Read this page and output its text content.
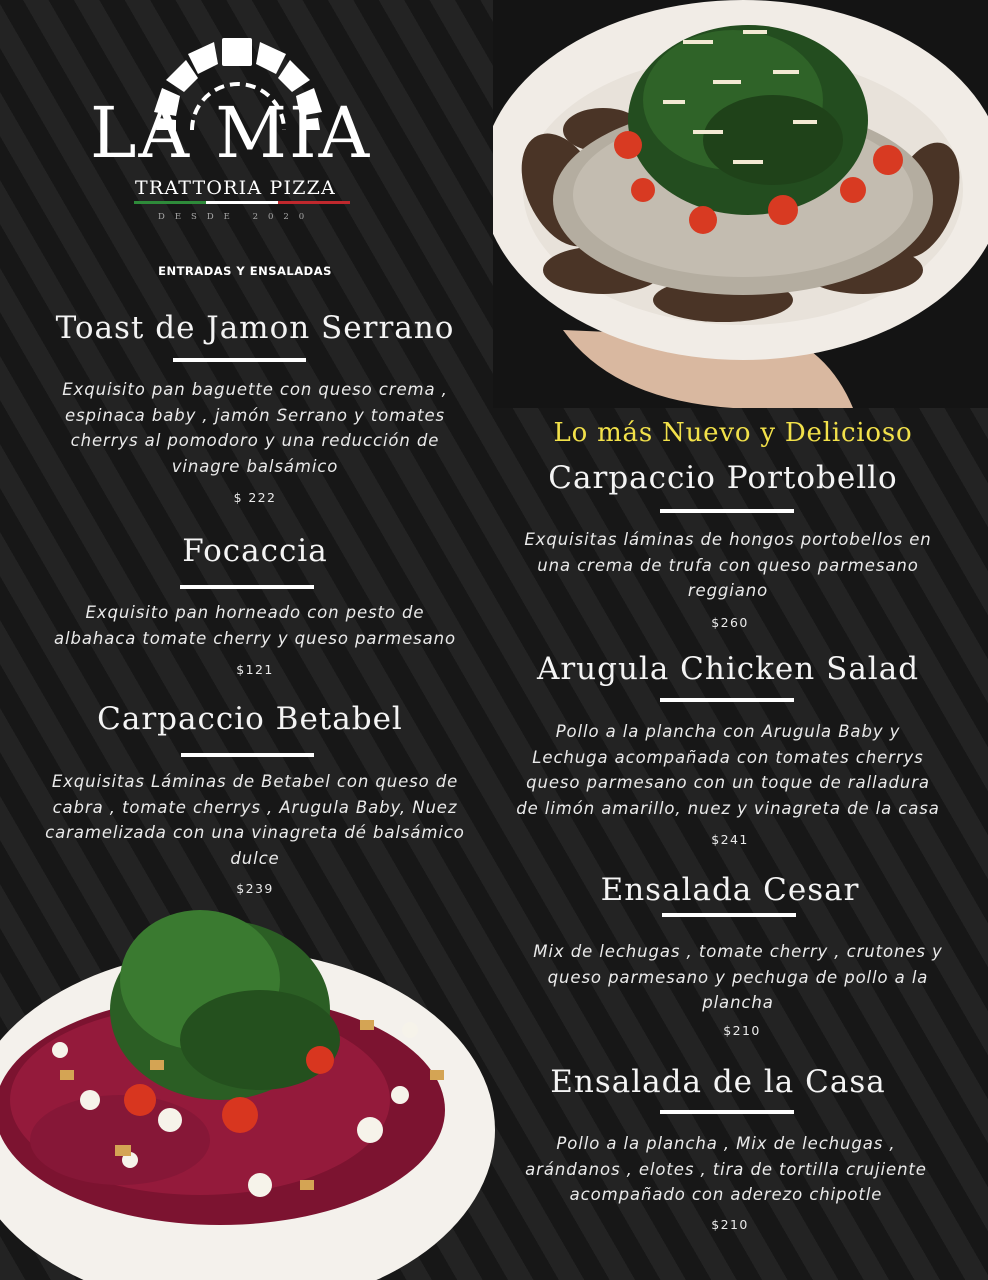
LA MIA
TRATTORIA PIZZA
DESDE 2020
ENTRADAS Y ENSALADAS
Toast de Jamon Serrano
Exquisito pan baguette con queso crema ,
espinaca baby , jamón Serrano y tomates
cherrys al pomodoro y una reducción de
vinagre balsámico
$ 222
Focaccia
Exquisito pan horneado con pesto de
albahaca tomate cherry y queso parmesano
$121
Carpaccio Betabel
Exquisitas Láminas de Betabel con queso de
cabra , tomate cherrys , Arugula Baby, Nuez
caramelizada con una vinagreta dé balsámico
dulce
$239
Lo más Nuevo y Delicioso
Carpaccio Portobello
Exquisitas láminas de hongos portobellos en
una crema de trufa con queso parmesano
reggiano
$260
Arugula Chicken Salad
Pollo a la plancha con Arugula Baby y
Lechuga acompañada con tomates cherrys
queso parmesano con un toque de ralladura
de limón amarillo, nuez y vinagreta de la casa
$241
Ensalada Cesar
Mix de lechugas , tomate cherry , crutones y
queso parmesano y pechuga de pollo a la
plancha
$210
Ensalada de la Casa
Pollo a la plancha , Mix de lechugas ,
arándanos , elotes , tira de tortilla crujiente
acompañado con aderezo chipotle
$210
